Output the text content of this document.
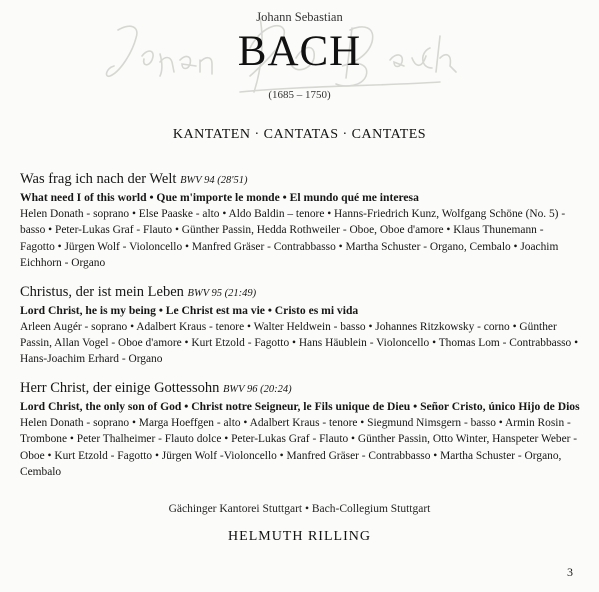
Johann Sebastian
BACH
(1685 – 1750)
KANTATEN · CANTATAS · CANTATES
Was frag ich nach der Welt BWV 94 (28'51)
What need I of this world • Que m'importe le monde • El mundo qué me interesa
Helen Donath - soprano • Else Paaske - alto • Aldo Baldin – tenore • Hanns-Friedrich Kunz, Wolfgang Schöne (No. 5) - basso • Peter-Lukas Graf - Flauto • Günther Passin, Hedda Rothweiler - Oboe, Oboe d'amore • Klaus Thunemann - Fagotto • Jürgen Wolf - Violoncello • Manfred Gräser - Contrabbasso • Martha Schuster - Organo, Cembalo • Joachim Eichhorn - Organo
Christus, der ist mein Leben BWV 95 (21:49)
Lord Christ, he is my being • Le Christ est ma vie • Cristo es mi vida
Arleen Augér - soprano • Adalbert Kraus - tenore • Walter Heldwein - basso • Johannes Ritzkowsky - corno • Günther Passin, Allan Vogel - Oboe d'amore • Kurt Etzold - Fagotto • Hans Häublein - Violoncello • Thomas Lom - Contrabbasso • Hans-Joachim Erhard - Organo
Herr Christ, der einige Gottessohn BWV 96 (20:24)
Lord Christ, the only son of God • Christ notre Seigneur, le Fils unique de Dieu • Señor Cristo, único Hijo de Dios
Helen Donath - soprano • Marga Hoeffgen - alto • Adalbert Kraus - tenore • Siegmund Nimsgern - basso • Armin Rosin - Trombone • Peter Thalheimer - Flauto dolce • Peter-Lukas Graf - Flauto • Günther Passin, Otto Winter, Hanspeter Weber - Oboe • Kurt Etzold - Fagotto • Jürgen Wolf -Violoncello • Manfred Gräser - Contrabbasso • Martha Schuster - Organo, Cembalo
Gächinger Kantorei Stuttgart • Bach-Collegium Stuttgart
HELMUTH RILLING
3
